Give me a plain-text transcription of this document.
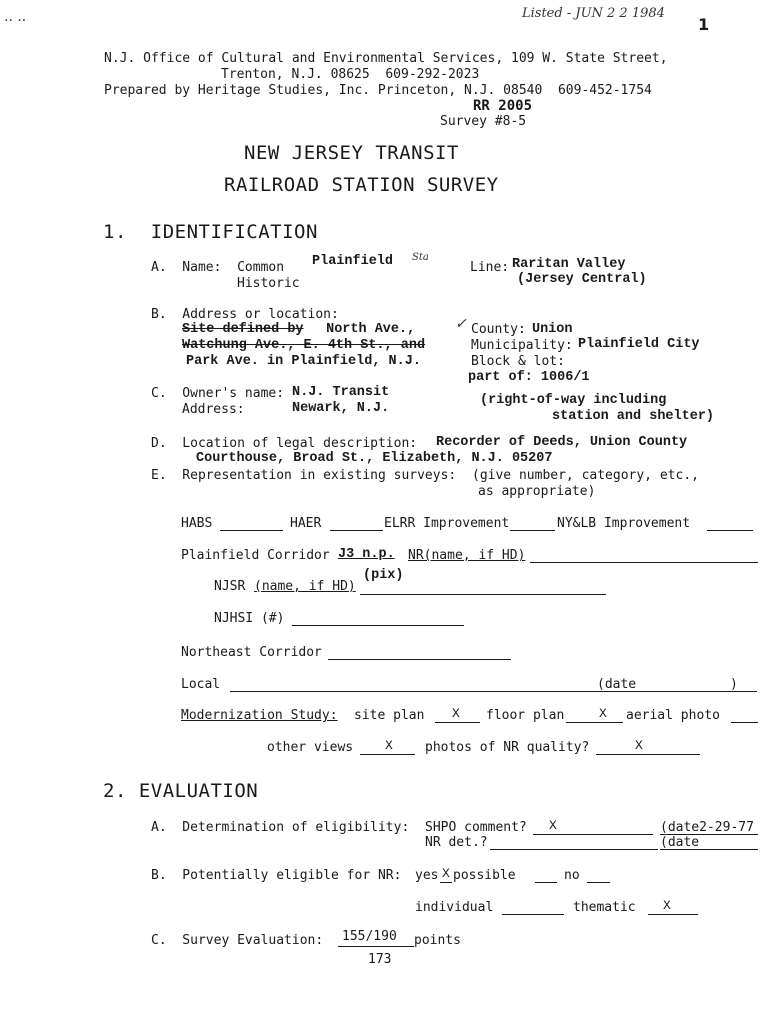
.. ..	Listed - JUN 2 2 1984
1
N.J. Office of Cultural and Environmental Services, 109 W. State Street,
Trenton, N.J. 08625  609-292-2023
Prepared by Heritage Studies, Inc. Princeton, N.J. 08540  609-452-1754
RR 2005
Survey #8-5
NEW JERSEY TRANSIT
RAILROAD STATION SURVEY
1.  IDENTIFICATION
A.  Name:  Common Plainfield Sta
Historic
Line: Raritan Valley
(Jersey Central)
B.  Address or location:
Site defined by North Ave.,
Watchung Ave., E. 4th St., and
Park Ave. in Plainfield, N.J.
✓ County: Union
Municipality: Plainfield City
Block & lot:
part of: 1006/1
C.  Owner's name: N.J. Transit
Address:	Newark, N.J.
(right-of-way including
station and shelter)
D.  Location of legal description: Recorder of Deeds, Union County
Courthouse, Broad St., Elizabeth, N.J. 05207
E.  Representation in existing surveys: (give number, category, etc.,
as appropriate)
HABS	HAER	ELRR Improvement	NY&LB Improvement
Plainfield Corridor J3 n.p. NR(name, if HD)
(pix)
NJSR (name, if HD)
NJHSI (#)
Northeast Corridor
Local	(date	)
Modernization Study: site plan X floor plan	X aerial photo
other views X photos of NR quality?	X
2. EVALUATION
A.  Determination of eligibility: SHPO comment? X	(date2-29-77
NR det.?	(date
B.  Potentially eligible for NR: yes X possible	no
individual	thematic X
C.  Survey Evaluation: 155/190 points
173
